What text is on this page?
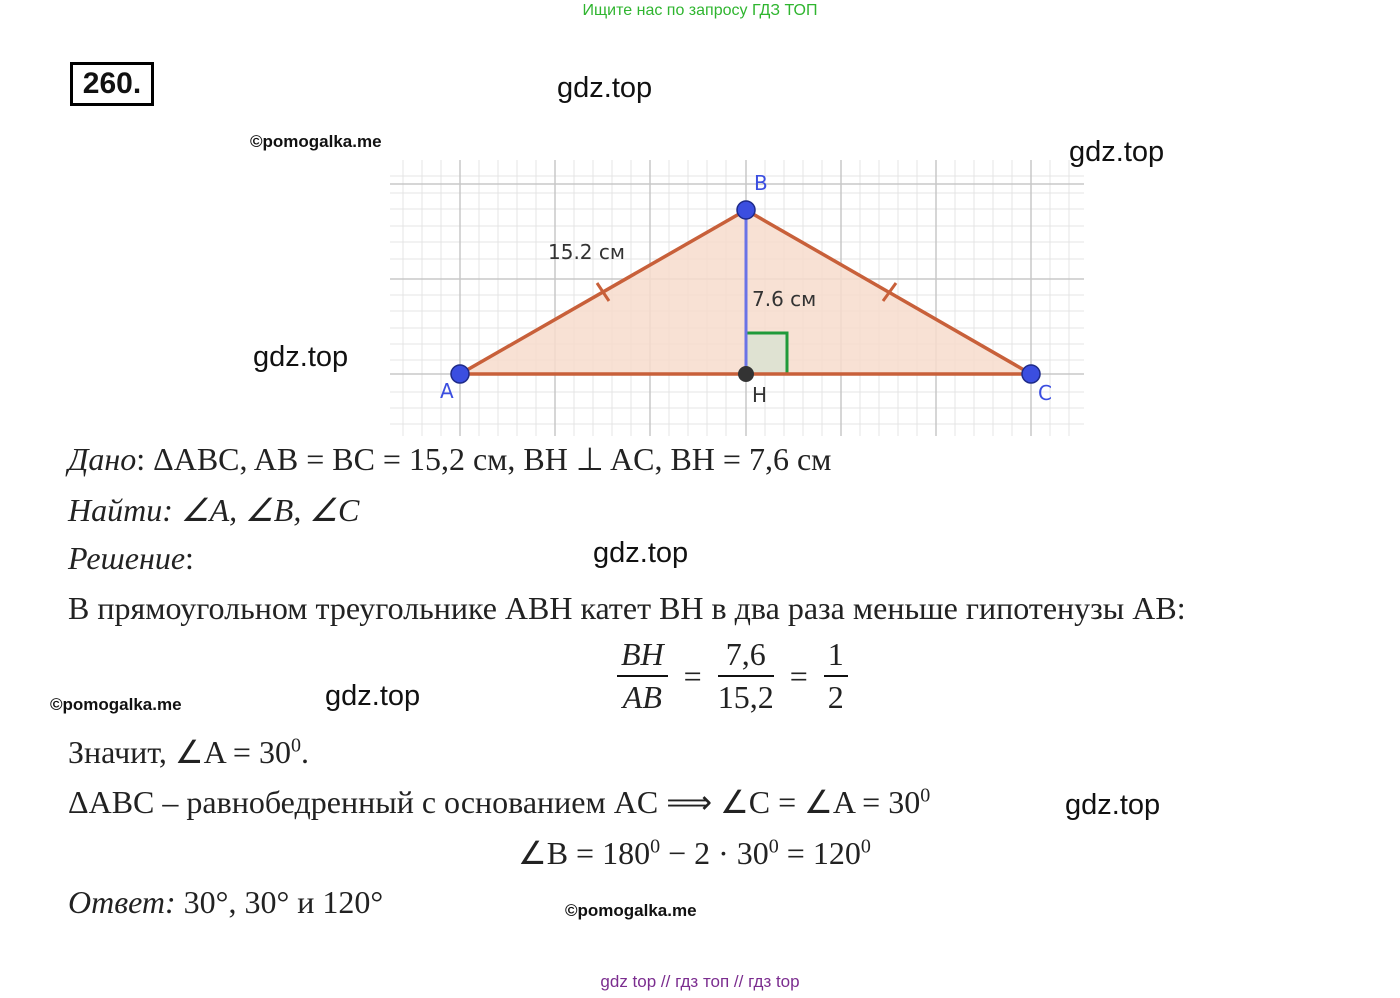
Ищите нас по запросу ГДЗ ТОП
260.	gdz.top
gdz.top
gdz.top
gdz.top
gdz.top
gdz.top
©pomogalka.me
©pomogalka.me
©pomogalka.me
A
B
C
H
15.2 см
7.6 см
Дано: ΔABC, AB = BC = 15,2 см, BH ⊥ AC, BH = 7,6 см
Найти: ∠A, ∠B, ∠C
Решение:
В прямоугольном треугольнике ABH катет BH в два раза меньше гипотенузы AB:
$\frac{BH}{AB} = \frac{7,6}{15,2} = \frac{1}{2}$
Значит, ∠A = $30^0$.
ΔABC – равнобедренный с основанием AC ⟹ ∠C = ∠A = $30^0$
∠B = $180^0 - 2 \cdot 30^0 = 120^0$
Ответ: 30°, 30° и 120°
gdz top // гдз топ // гдз top
